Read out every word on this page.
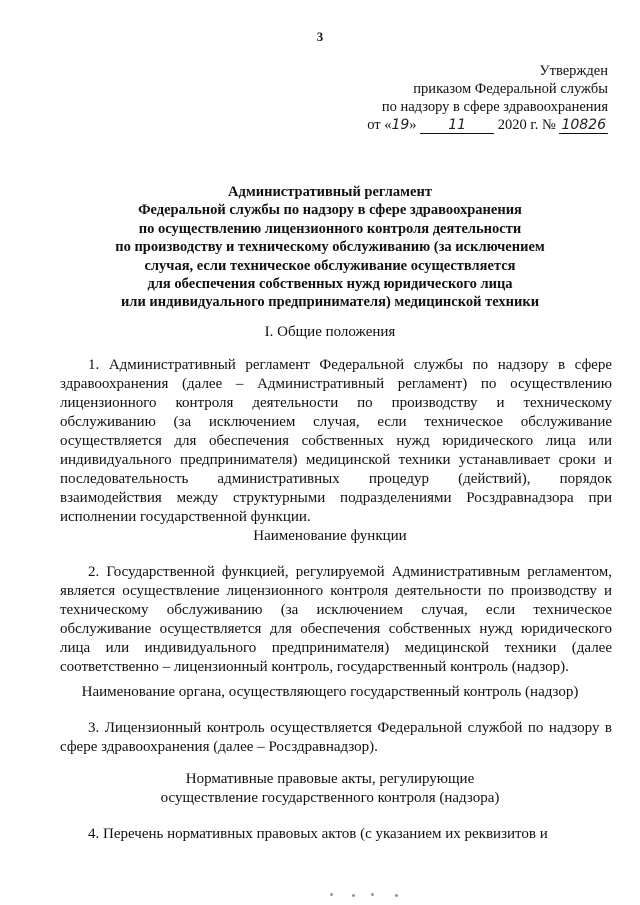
3
Утвержден
приказом Федеральной службы
по надзору в сфере здравоохранения
от «19» 11 2020 г. № 10826
Административный регламент
Федеральной службы по надзору в сфере здравоохранения
по осуществлению лицензионного контроля деятельности
по производству и техническому обслуживанию (за исключением
случая, если техническое обслуживание осуществляется
для обеспечения собственных нужд юридического лица
или индивидуального предпринимателя) медицинской техники
I. Общие положения

1. Административный регламент Федеральной службы по надзору в сфере здравоохранения (далее – Административный регламент) по осуществлению лицензионного контроля деятельности по производству и техническому обслуживанию (за исключением случая, если техническое обслуживание осуществляется для обеспечения собственных нужд юридического лица или индивидуального предпринимателя) медицинской техники устанавливает сроки и последовательность административных процедур (действий), порядок взаимодействия между структурными подразделениями Росздравнадзора при исполнении государственной функции.

Наименование функции

2. Государственной функцией, регулируемой Административным регламентом, является осуществление лицензионного контроля деятельности по производству и техническому обслуживанию (за исключением случая, если техническое обслуживание осуществляется для обеспечения собственных нужд юридического лица или индивидуального предпринимателя) медицинской техники (далее соответственно – лицензионный контроль, государственный контроль (надзор).

Наименование органа, осуществляющего государственный контроль (надзор)

3. Лицензионный контроль осуществляется Федеральной службой по надзору в сфере здравоохранения (далее – Росздравнадзор).

Нормативные правовые акты, регулирующие
осуществление государственного контроля (надзора)

4. Перечень нормативных правовых актов (с указанием их реквизитов и
